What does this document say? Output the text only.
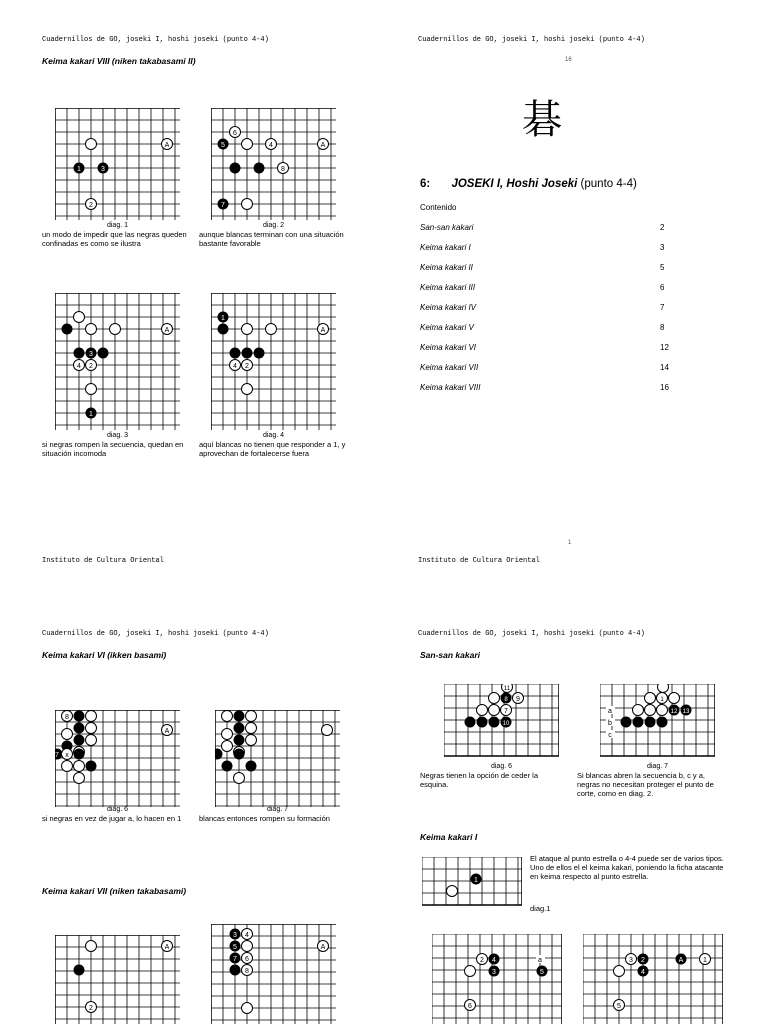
Cuadernillos de GO, joseki I, hoshi joseki (punto 4-4)
Keima kakari VIII (niken takabasami II)
A
1	3
2
diag. 1
un modo de impedir que las negras queden confinadas es como se ilustra
6
5	4	A
8
7
diag. 2
aunque blancas terminan con una situación bastante favorable
A
3
4 2
1
diag. 3
si negras rompen la secuencia, quedan en situación incomoda
1
A
4 2
diag. 4
aquí blancas no tienen que responder a 1, y aprovechan de fortalecerse fuera
Instituto de Cultura Oriental
Cuadernillos de GO, joseki I, hoshi joseki (punto 4-4)
16
碁
6: JOSEKI I, Hoshi Joseki (punto 4-4)
Contenido
San-san kakari	2
Keima kakari I	3
Keima kakari II	5
Keima kakari III	6
Keima kakari IV	7
Keima kakari V	8
Keima kakari VI	12
Keima kakari VII	14
Keima kakari VIII	16
1
Instituto de Cultura Oriental
Cuadernillos de GO, joseki I, hoshi joseki (punto 4-4)
Keima kakari VI (ikken basami)
8
A
7 x
diag. 6
si negras en vez de jugar a, lo hacen en 1
diag. 7
blancas entonces rompen su formación
Keima kakari VII (niken takabasami)
A
2
3 4
5	A
7 6
8
Cuadernillos de GO, joseki I, hoshi joseki (punto 4-4)
San-san kakari
11
8 9
7
10
diag. 6
Negras tienen la opción de ceder la esquina.
1
12 13
a
b
c
diag. 7
Si blancas abren la secuencia b, c y a, negras no necesitan proteger el punto de corte, como en diag. 2.
Keima kakari I
1
El ataque al punto estrella o 4-4 puede ser de varios tipos. Uno de ellos el el keima kakari, poniendo la ficha atacante en keima respecto al punto estrella.
diag.1
2 4	a
3	5
6
3 2	A	1
4
5
